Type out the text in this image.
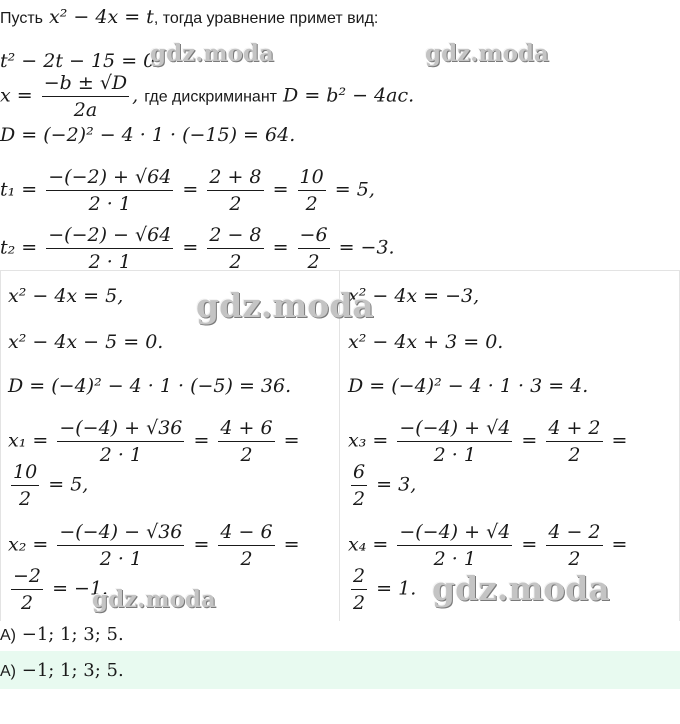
Пусть x² − 4x = t, тогда уравнение примет вид:
t² − 2t − 15 = 0.
$x = \frac{-b \pm √D}{2a}$ , где дискриминант D = b² − 4ac.
D = (−2)² − 4 · 1 · (−15) = 64.
$t_1 = \frac{-(-2) + √64}{2 \cdot 1} = \frac{2 + 8}{2} = \frac{10}{2} = 5$,
$t_2 = \frac{-(-2) - √64}{2 \cdot 1} = \frac{2 - 8}{2} = \frac{-6}{2} = -3$.
x² − 4x = 5,
x² − 4x − 5 = 0.
D = (−4)² − 4 · 1 · (−5) = 36.
$x_1 = \frac{-(-4) + √36}{2 \cdot 1} = \frac{4 + 6}{2}$ =
$\frac{10}{2} = 5$,
$x_2 = \frac{-(-4) - √36}{2 \cdot 1} = \frac{4 - 6}{2}$ =
$\frac{-2}{2} = -1$.
x² − 4x = −3,
x² − 4x + 3 = 0.
D = (−4)² − 4 · 1 · 3 = 4.
$x_3 = \frac{-(-4) + √4}{2 \cdot 1} = \frac{4 + 2}{2}$ =
$\frac{6}{2} = 3$,
$x_4 = \frac{-(-4) + √4}{2 \cdot 1} = \frac{4 - 2}{2}$ =
$\frac{2}{2} = 1$.
А) −1; 1; 3; 5.
А) −1; 1; 3; 5.
gdz.moda	gdz.moda
gdz.moda
gdz.moda	gdz.moda
